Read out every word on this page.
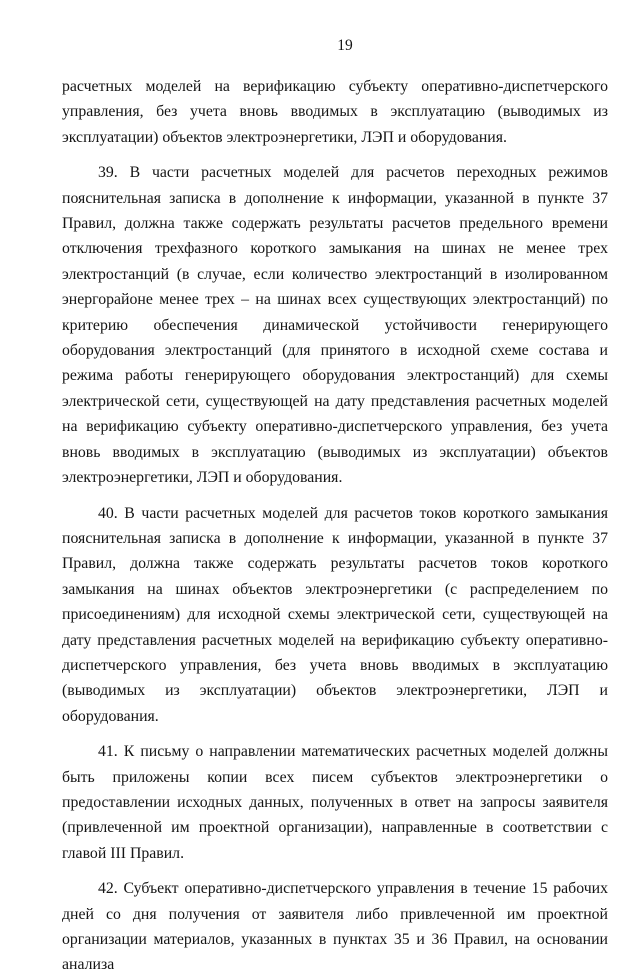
19

расчетных моделей на верификацию субъекту оперативно-диспетчерского управления, без учета вновь вводимых в эксплуатацию (выводимых из эксплуатации) объектов электроэнергетики, ЛЭП и оборудования.

39. В части расчетных моделей для расчетов переходных режимов пояснительная записка в дополнение к информации, указанной в пункте 37 Правил, должна также содержать результаты расчетов предельного времени отключения трехфазного короткого замыкания на шинах не менее трех электростанций (в случае, если количество электростанций в изолированном энергорайоне менее трех – на шинах всех существующих электростанций) по критерию обеспечения динамической устойчивости генерирующего оборудования электростанций (для принятого в исходной схеме состава и режима работы генерирующего оборудования электростанций) для схемы электрической сети, существующей на дату представления расчетных моделей на верификацию субъекту оперативно-диспетчерского управления, без учета вновь вводимых в эксплуатацию (выводимых из эксплуатации) объектов электроэнергетики, ЛЭП и оборудования.

40. В части расчетных моделей для расчетов токов короткого замыкания пояснительная записка в дополнение к информации, указанной в пункте 37 Правил, должна также содержать результаты расчетов токов короткого замыкания на шинах объектов электроэнергетики (с распределением по присоединениям) для исходной схемы электрической сети, существующей на дату представления расчетных моделей на верификацию субъекту оперативно-диспетчерского управления, без учета вновь вводимых в эксплуатацию (выводимых из эксплуатации) объектов электроэнергетики, ЛЭП и оборудования.

41. К письму о направлении математических расчетных моделей должны быть приложены копии всех писем субъектов электроэнергетики о предоставлении исходных данных, полученных в ответ на запросы заявителя (привлеченной им проектной организации), направленные в соответствии с главой III Правил.

42. Субъект оперативно-диспетчерского управления в течение 15 рабочих дней со дня получения от заявителя либо привлеченной им проектной организации материалов, указанных в пунктах 35 и 36 Правил, на основании анализа
